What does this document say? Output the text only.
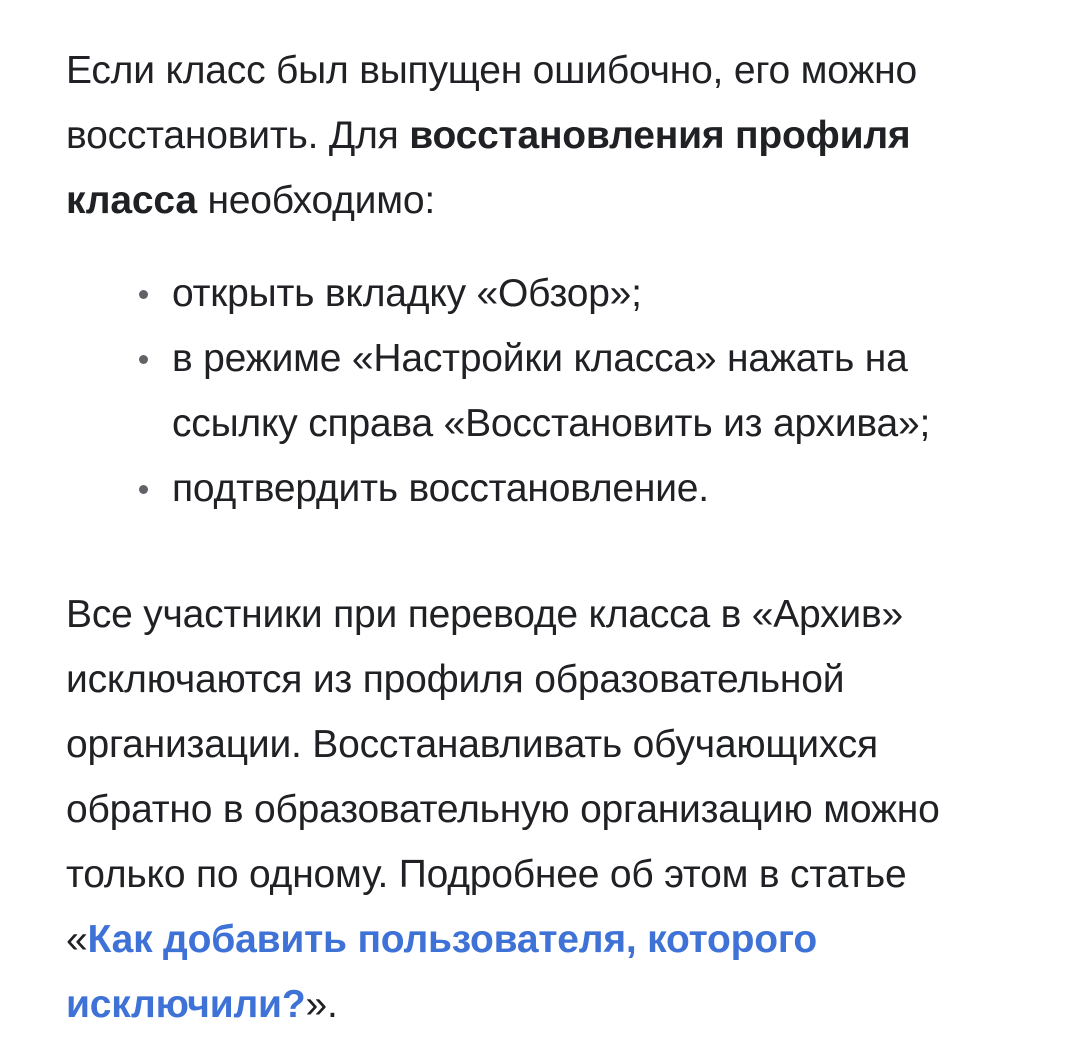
Если класс был выпущен ошибочно, его можно восстановить. Для восстановления профиля класса необходимо:

открыть вкладку «Обзор»;
в режиме «Настройки класса» нажать на ссылку справа «Восстановить из архива»;
подтвердить восстановление.

Все участники при переводе класса в «Архив» исключаются из профиля образовательной организации. Восстанавливать обучающихся обратно в образовательную организацию можно только по одному. Подробнее об этом в статье «Как добавить пользователя, которого исключили?».
